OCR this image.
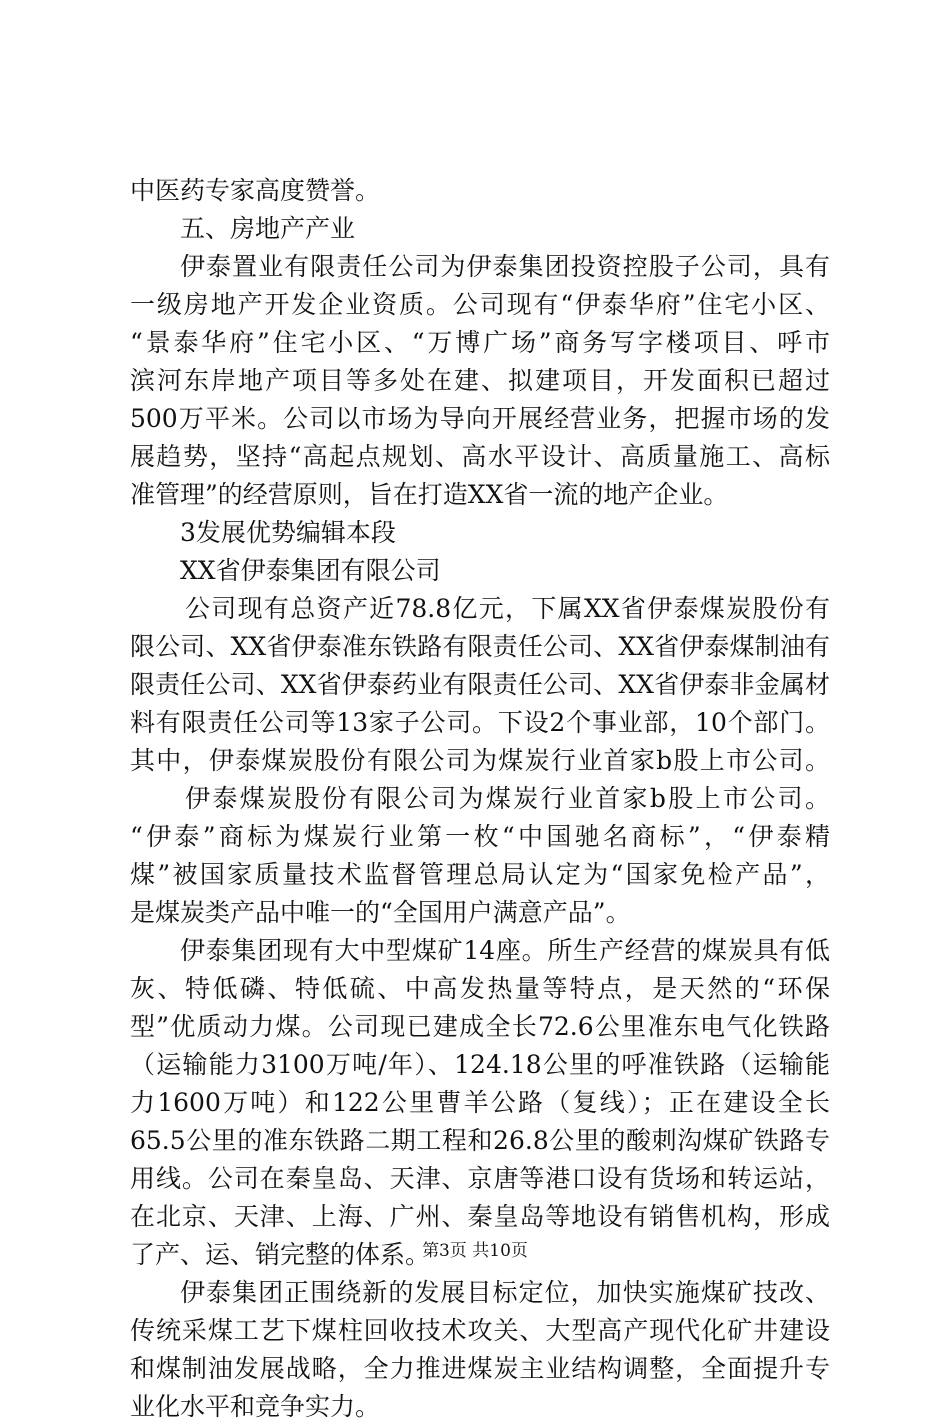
中医药专家高度赞誉。
五、房地产产业
伊泰置业有限责任公司为伊泰集团投资控股子公司，具有
一级房地产开发企业资质。公司现有“伊泰华府”住宅小区、
“景泰华府”住宅小区、“万博广场”商务写字楼项目、呼市
滨河东岸地产项目等多处在建、拟建项目，开发面积已超过
500万平米。公司以市场为导向开展经营业务，把握市场的发
展趋势，坚持“高起点规划、高水平设计、高质量施工、高标
准管理”的经营原则，旨在打造XX省一流的地产企业。
3发展优势编辑本段
XX省伊泰集团有限公司
公司现有总资产近78.8亿元，下属XX省伊泰煤炭股份有
限公司、XX省伊泰准东铁路有限责任公司、XX省伊泰煤制油有
限责任公司、XX省伊泰药业有限责任公司、XX省伊泰非金属材
料有限责任公司等13家子公司。下设2个事业部，10个部门。
其中，伊泰煤炭股份有限公司为煤炭行业首家b股上市公司。
伊泰煤炭股份有限公司为煤炭行业首家b股上市公司。
“伊泰”商标为煤炭行业第一枚“中国驰名商标”，“伊泰精
煤”被国家质量技术监督管理总局认定为“国家免检产品”，
是煤炭类产品中唯一的“全国用户满意产品”。
伊泰集团现有大中型煤矿14座。所生产经营的煤炭具有低
灰、特低磷、特低硫、中高发热量等特点，是天然的“环保
型”优质动力煤。公司现已建成全长72.6公里准东电气化铁路
（运输能力3100万吨/年）、124.18公里的呼准铁路（运输能
力1600万吨）和122公里曹羊公路（复线）；正在建设全长
65.5公里的准东铁路二期工程和26.8公里的酸刺沟煤矿铁路专
用线。公司在秦皇岛、天津、京唐等港口设有货场和转运站，
在北京、天津、上海、广州、秦皇岛等地设有销售机构，形成
了产、运、销完整的体系。
伊泰集团正围绕新的发展目标定位，加快实施煤矿技改、
传统采煤工艺下煤柱回收技术攻关、大型高产现代化矿井建设
和煤制油发展战略，全力推进煤炭主业结构调整，全面提升专
业化水平和竞争实力。
第3页 共10页
